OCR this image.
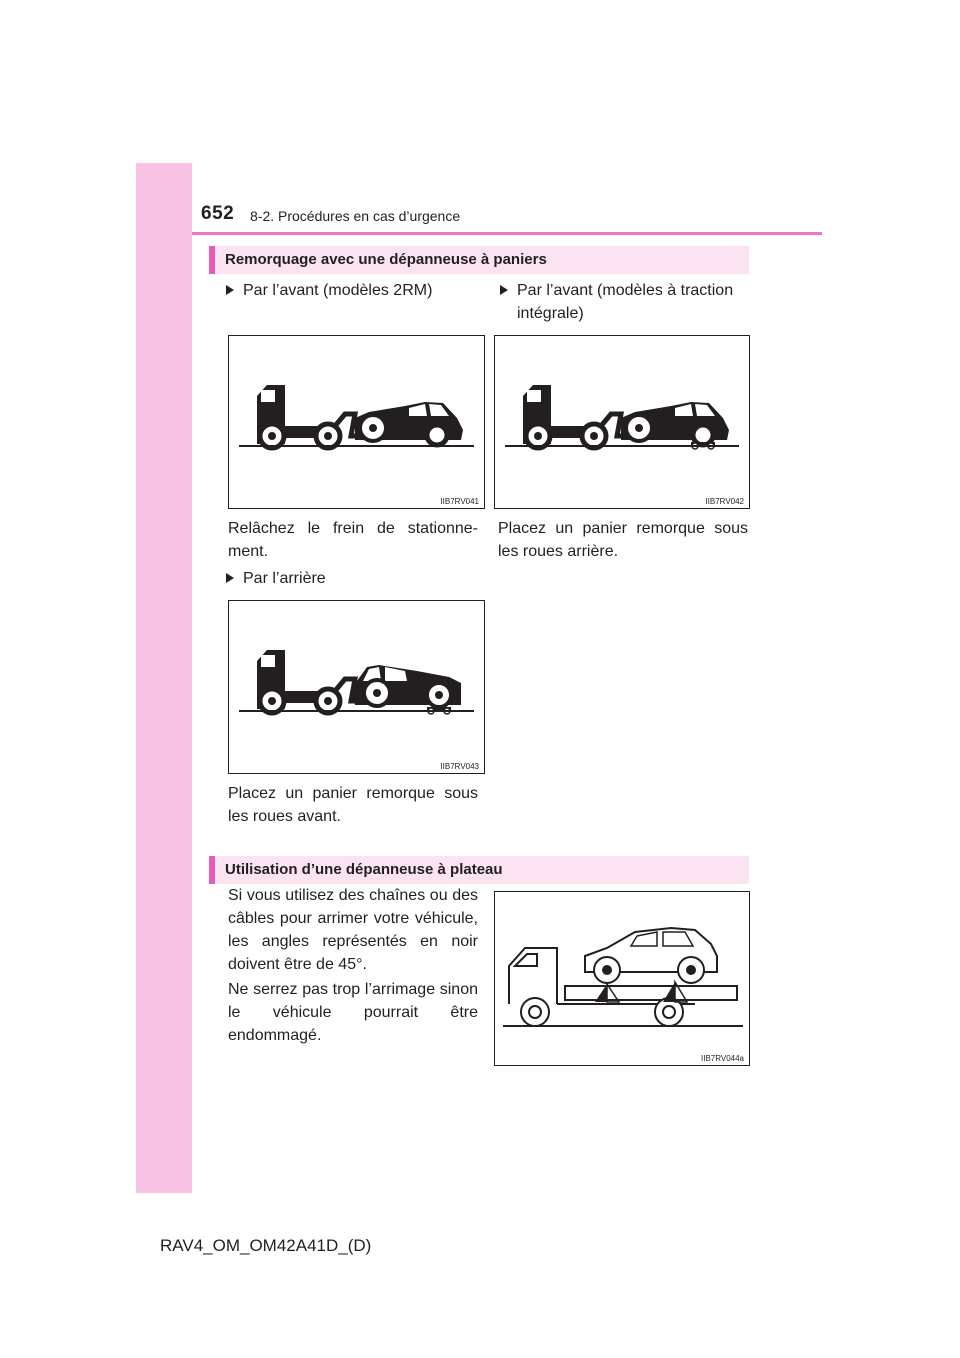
652 8-2. Procédures en cas d’urgence
Remorquage avec une dépanneuse à paniers
Par l’avant (modèles 2RM)	Par l’avant (modèles à traction
intégrale)
IIB7RV041	IIB7RV042

Relâchez le frein de stationne-ment.

Placez un panier remorque sous les roues arrière.

Par l’arrière
IIB7RV043

Placez un panier remorque sous les roues avant.

Utilisation d’une dépanneuse à plateau

Si vous utilisez des chaînes ou des câbles pour arrimer votre véhicule, les angles représentés en noir doivent être de 45°.

Ne serrez pas trop l’arrimage sinon le véhicule pourrait être endommagé.

IIB7RV044a
RAV4_OM_OM42A41D_(D)
